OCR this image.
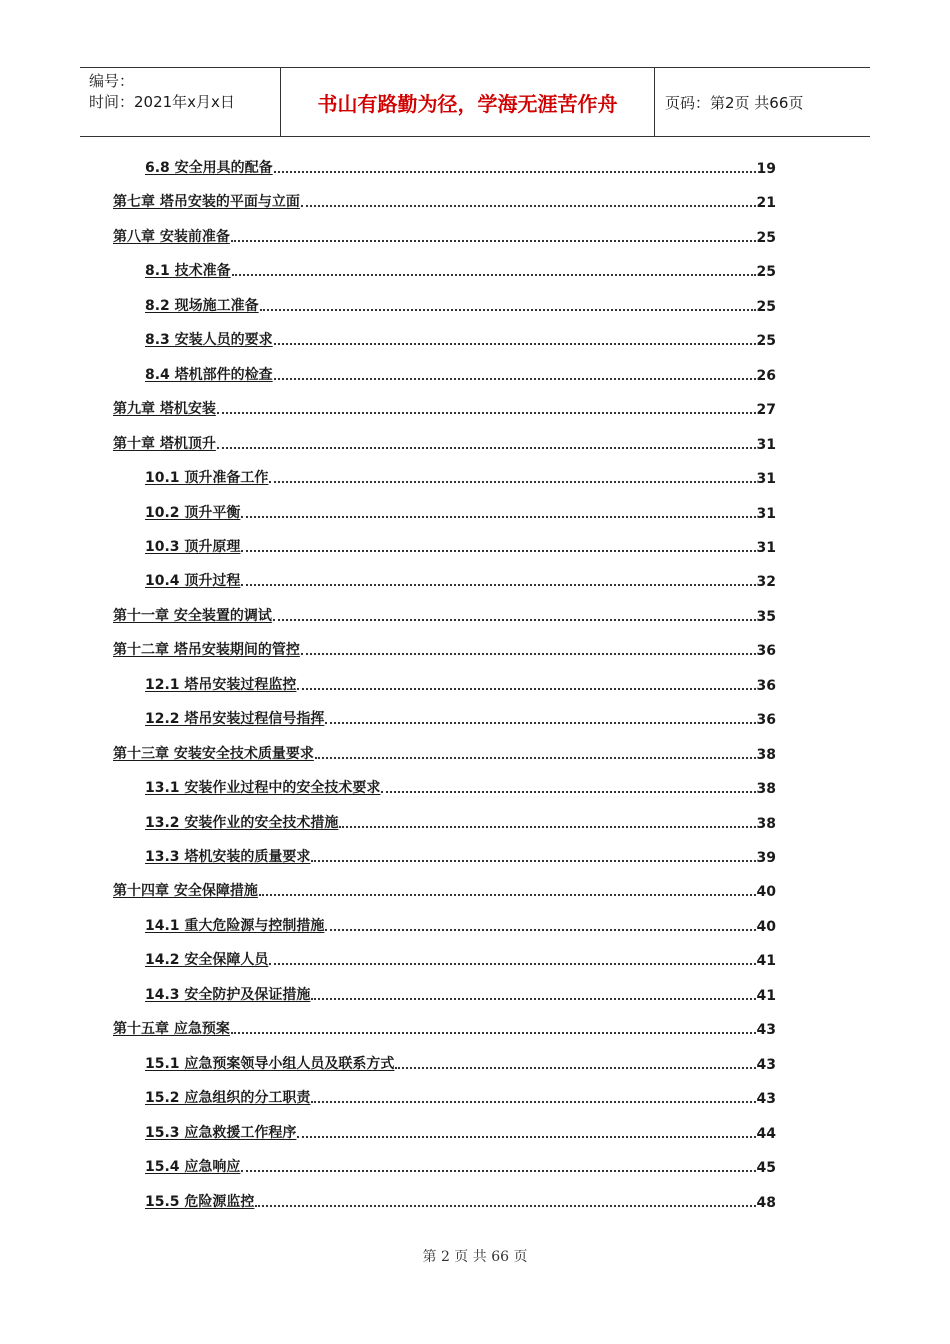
编号：
时间：2021年x月x日	书山有路勤为径，学海无涯苦作舟	页码：第2页 共66页
6.8 安全用具的配备	19
第七章 塔吊安装的平面与立面	21
第八章 安装前准备	25
8.1 技术准备	25
8.2 现场施工准备	25
8.3 安装人员的要求	25
8.4 塔机部件的检查	26
第九章 塔机安装	27
第十章 塔机顶升	31
10.1 顶升准备工作	31
10.2 顶升平衡	31
10.3 顶升原理	31
10.4 顶升过程	32
第十一章 安全装置的调试	35
第十二章 塔吊安装期间的管控	36
12.1 塔吊安装过程监控	36
12.2 塔吊安装过程信号指挥	36
第十三章 安装安全技术质量要求	38
13.1 安装作业过程中的安全技术要求	38
13.2 安装作业的安全技术措施	38
13.3 塔机安装的质量要求	39
第十四章 安全保障措施	40
14.1 重大危险源与控制措施	40
14.2 安全保障人员	41
14.3 安全防护及保证措施	41
第十五章 应急预案	43
15.1 应急预案领导小组人员及联系方式	43
15.2 应急组织的分工职责	43
15.3 应急救援工作程序	44
15.4 应急响应	45
15.5 危险源监控	48
第 2 页 共 66 页
